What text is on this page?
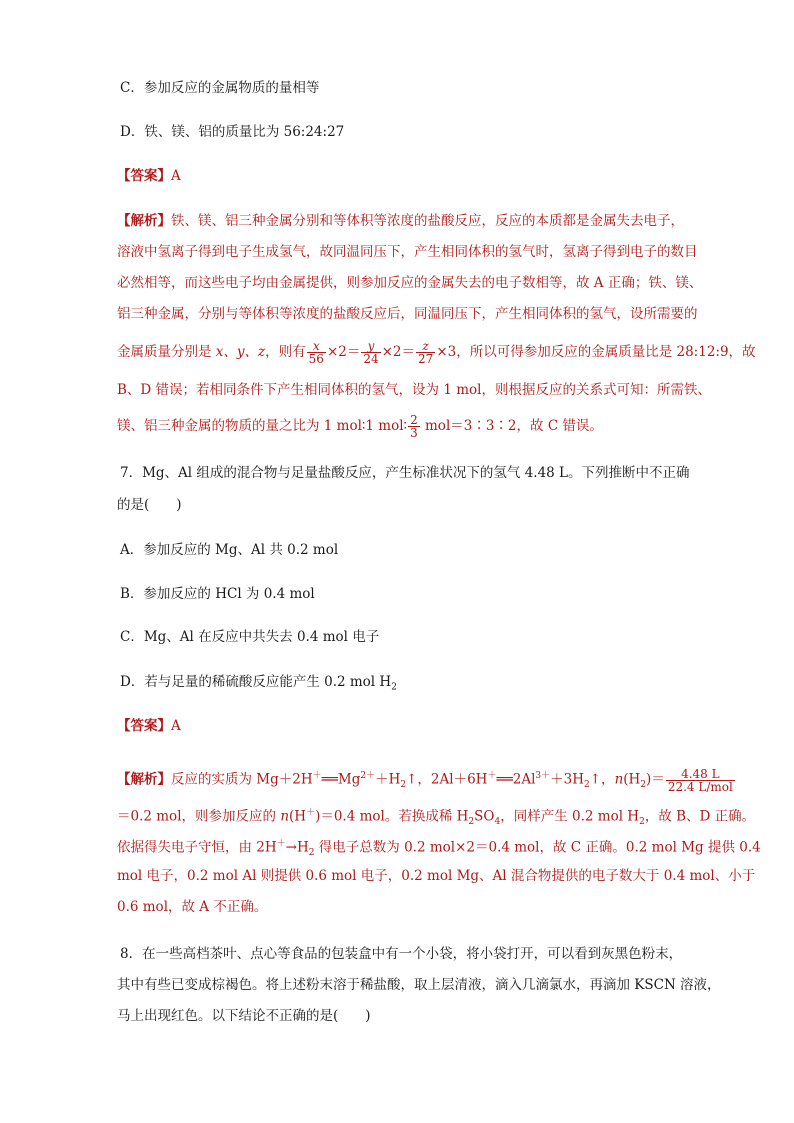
C．参加反应的金属物质的量相等
D．铁、镁、铝的质量比为 56:24:27
【答案】A
【解析】铁、镁、铝三种金属分别和等体积等浓度的盐酸反应，反应的本质都是金属失去电子，
溶液中氢离子得到电子生成氢气，故同温同压下，产生相同体积的氢气时，氢离子得到电子的数目
必然相等，而这些电子均由金属提供，则参加反应的金属失去的电子数相等，故 A 正确；铁、镁、
铝三种金属，分别与等体积等浓度的盐酸反应后，同温同压下，产生相同体积的氢气，设所需要的
金属质量分别是 x、y、z，则有 $\frac{x}{56} \times 2= \frac{y}{24} \times 2= \frac{z}{27} \times 3$，所以可得参加反应的金属质量比是 28:12:9，故
B、D 错误；若相同条件下产生相同体积的氢气，设为 1 mol，则根据反应的关系式可知：所需铁、
镁、铝三种金属的物质的量之比为 1 mol∶1 mol∶ $\frac{2}{3}$ mol＝3∶3∶2，故 C 错误。
7．Mg、Al 组成的混合物与足量盐酸反应，产生标准状况下的氢气 4.48 L。下列推断中不正确
的是(　　)
A．参加反应的 Mg、Al 共 0.2 mol
B．参加反应的 HCl 为 0.4 mol
C．Mg、Al 在反应中共失去 0.4 mol 电子
D．若与足量的稀硫酸反应能产生 0.2 mol $H_2$
【答案】A
【解析】反应的实质为 $Mg+2H^+══Mg^{2+}+H_2↑$，$2Al+6H^+══2Al^{3+}+3H_2↑$，$n(H_2)= \frac{4.48 L}{\text{22.4 L/mol}}$
＝0.2 mol，则参加反应的 n(H＋)＝0.4 mol。若换成稀 $H_2SO_4$，同样产生 0.2 mol $H_2$，故 B、D 正确。
依据得失电子守恒，由 $2H^+\to H_2$ 得电子总数为 0.2 mol×2＝0.4 mol，故 C 正确。0.2 mol Mg 提供 0.4
mol 电子，0.2 mol Al 则提供 0.6 mol 电子，0.2 mol Mg、Al 混合物提供的电子数大于 0.4 mol、小于
0.6 mol，故 A 不正确。
8．在一些高档茶叶、点心等食品的包装盒中有一个小袋，将小袋打开，可以看到灰黑色粉末，
其中有些已变成棕褐色。将上述粉末溶于稀盐酸，取上层清液，滴入几滴氯水，再滴加 KSCN 溶液，
马上出现红色。以下结论不正确的是(　　)
